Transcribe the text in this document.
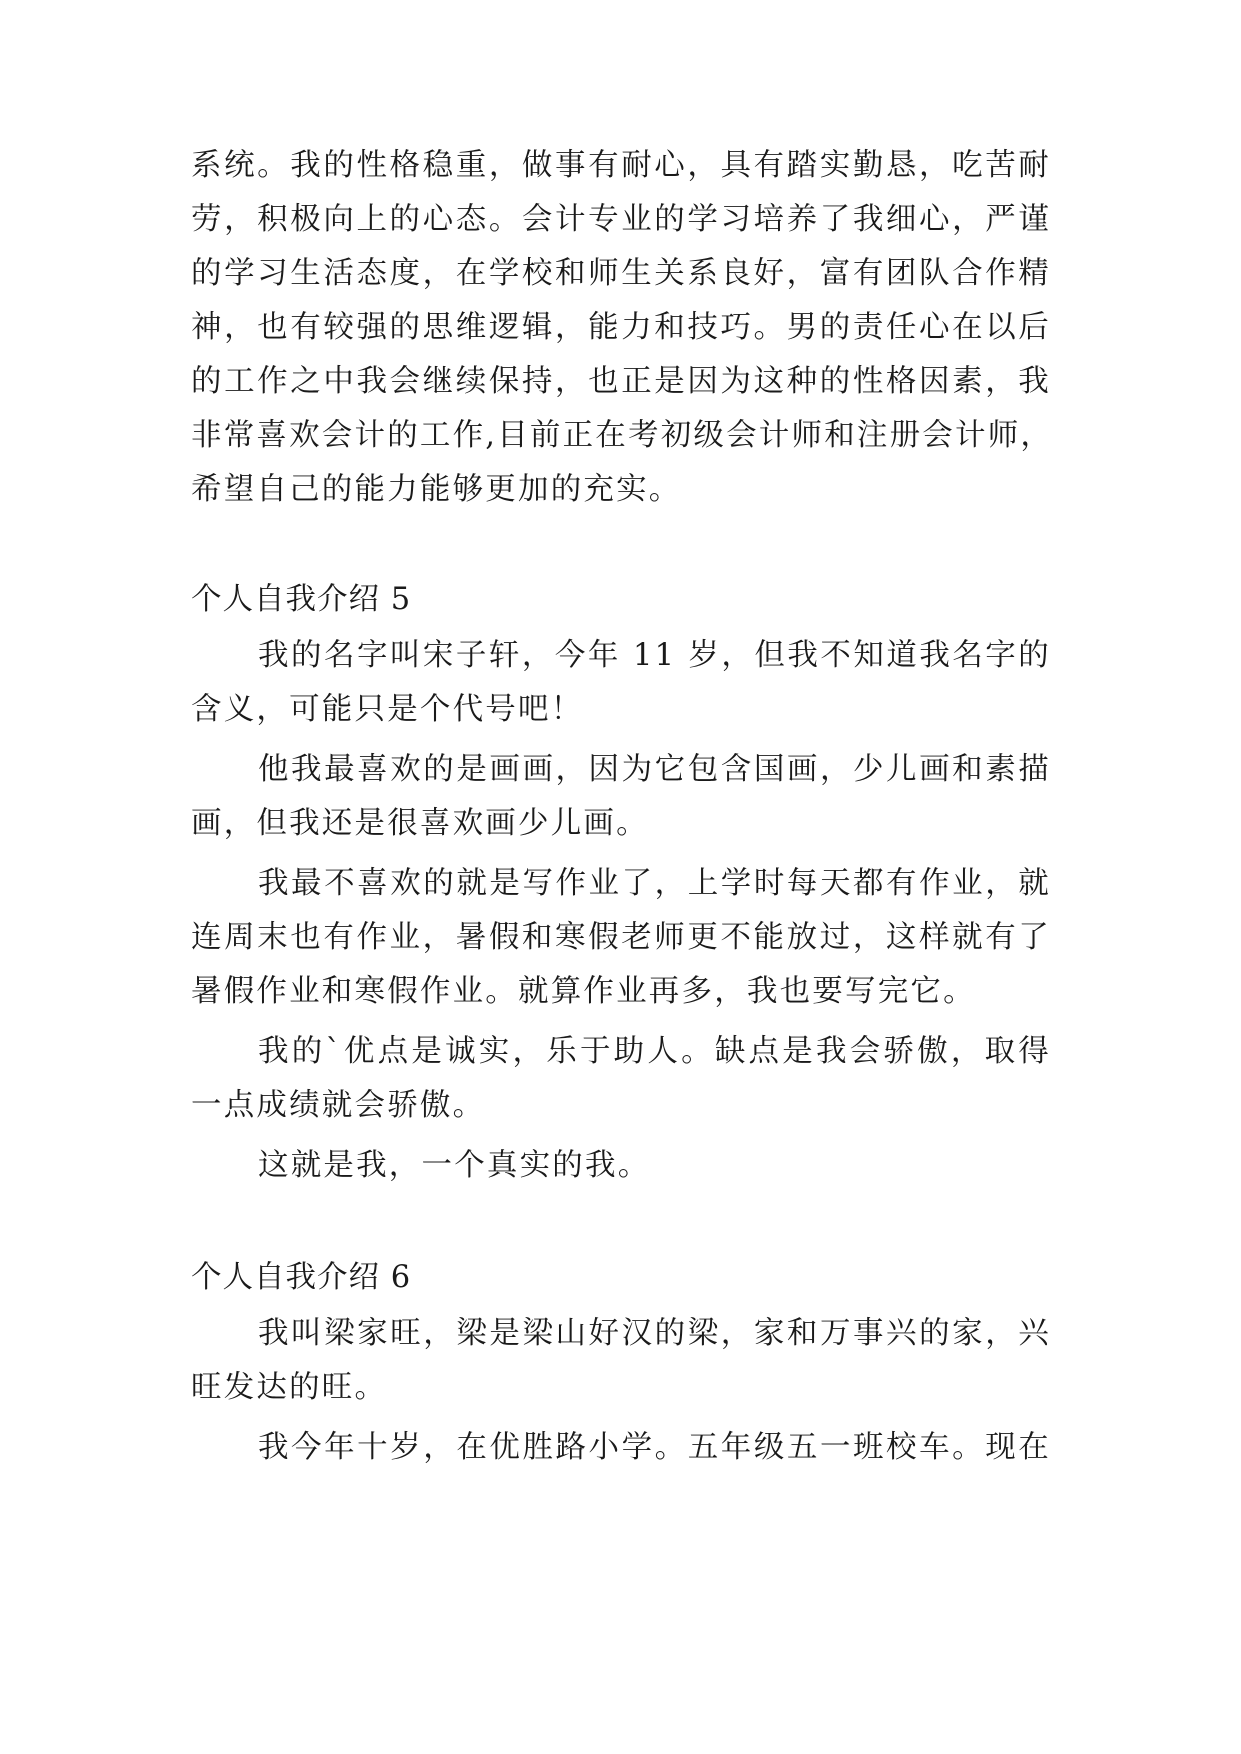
系统。我的性格稳重，做事有耐心，具有踏实勤恳，吃苦耐
劳，积极向上的心态。会计专业的学习培养了我细心，严谨
的学习生活态度，在学校和师生关系良好，富有团队合作精
神，也有较强的思维逻辑，能力和技巧。男的责任心在以后
的工作之中我会继续保持，也正是因为这种的性格因素，我
非常喜欢会计的工作,目前正在考初级会计师和注册会计师，
希望自己的能力能够更加的充实。
个人自我介绍 5
我的名字叫宋子轩，今年 11 岁，但我不知道我名字的
含义，可能只是个代号吧！
他我最喜欢的是画画，因为它包含国画，少儿画和素描
画，但我还是很喜欢画少儿画。
我最不喜欢的就是写作业了，上学时每天都有作业，就
连周末也有作业，暑假和寒假老师更不能放过，这样就有了
暑假作业和寒假作业。就算作业再多，我也要写完它。
我的`优点是诚实，乐于助人。缺点是我会骄傲，取得
一点成绩就会骄傲。
这就是我，一个真实的我。
个人自我介绍 6
我叫梁家旺，梁是梁山好汉的梁，家和万事兴的家，兴
旺发达的旺。
我今年十岁，在优胜路小学。五年级五一班校车。现在
